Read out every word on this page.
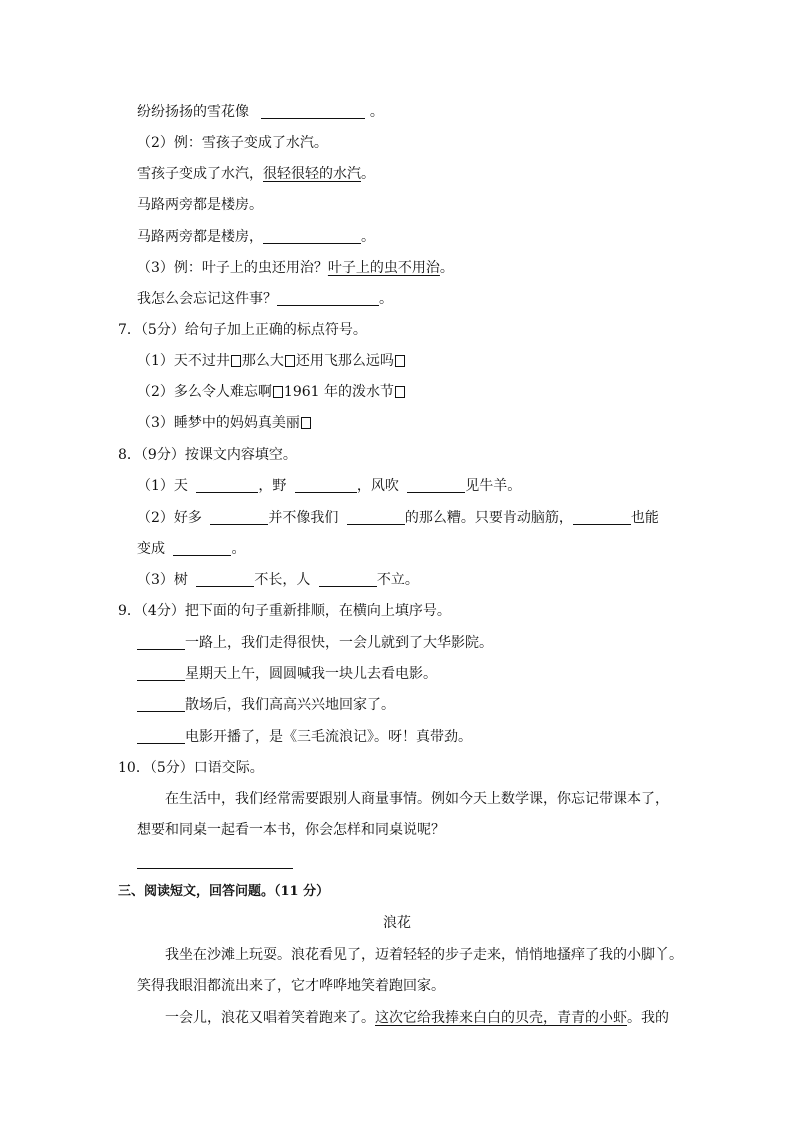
纷纷扬扬的雪花像	。
（2）例：雪孩子变成了水汽。
雪孩子变成了水汽，很轻很轻的水汽。
马路两旁都是楼房。
马路两旁都是楼房，	。
（3）例：叶子上的虫还用治？叶子上的虫不用治。
我怎么会忘记这件事？	。
7．（5分）给句子加上正确的标点符号。
（1）天不过井 那么大 还用飞那么远吗
（2）多么令人难忘啊 1961 年的泼水节
（3）睡梦中的妈妈真美丽
8．（9分）按课文内容填空。
（1）天	，野	，风吹	见牛羊。
（2）好多	并不像我们	的那么糟。只要肯动脑筋，	也能
变成	。
（3）树	不长，人	不立。
9．（4分）把下面的句子重新排顺，在横向上填序号。
一路上，我们走得很快，一会儿就到了大华影院。
星期天上午，圆圆喊我一块儿去看电影。
散场后，我们高高兴兴地回家了。
电影开播了，是《三毛流浪记》。呀！真带劲。
10．（5分）口语交际。
在生活中，我们经常需要跟别人商量事情。例如今天上数学课，你忘记带课本了，
想要和同桌一起看一本书，你会怎样和同桌说呢？
三、阅读短文，回答问题。（11 分）
浪花
我坐在沙滩上玩耍。浪花看见了，迈着轻轻的步子走来，悄悄地搔痒了我的小脚丫。
笑得我眼泪都流出来了，它才哗哗地笑着跑回家。
一会儿，浪花又唱着笑着跑来了。这次它给我捧来白白的贝壳，青青的小虾。我的
